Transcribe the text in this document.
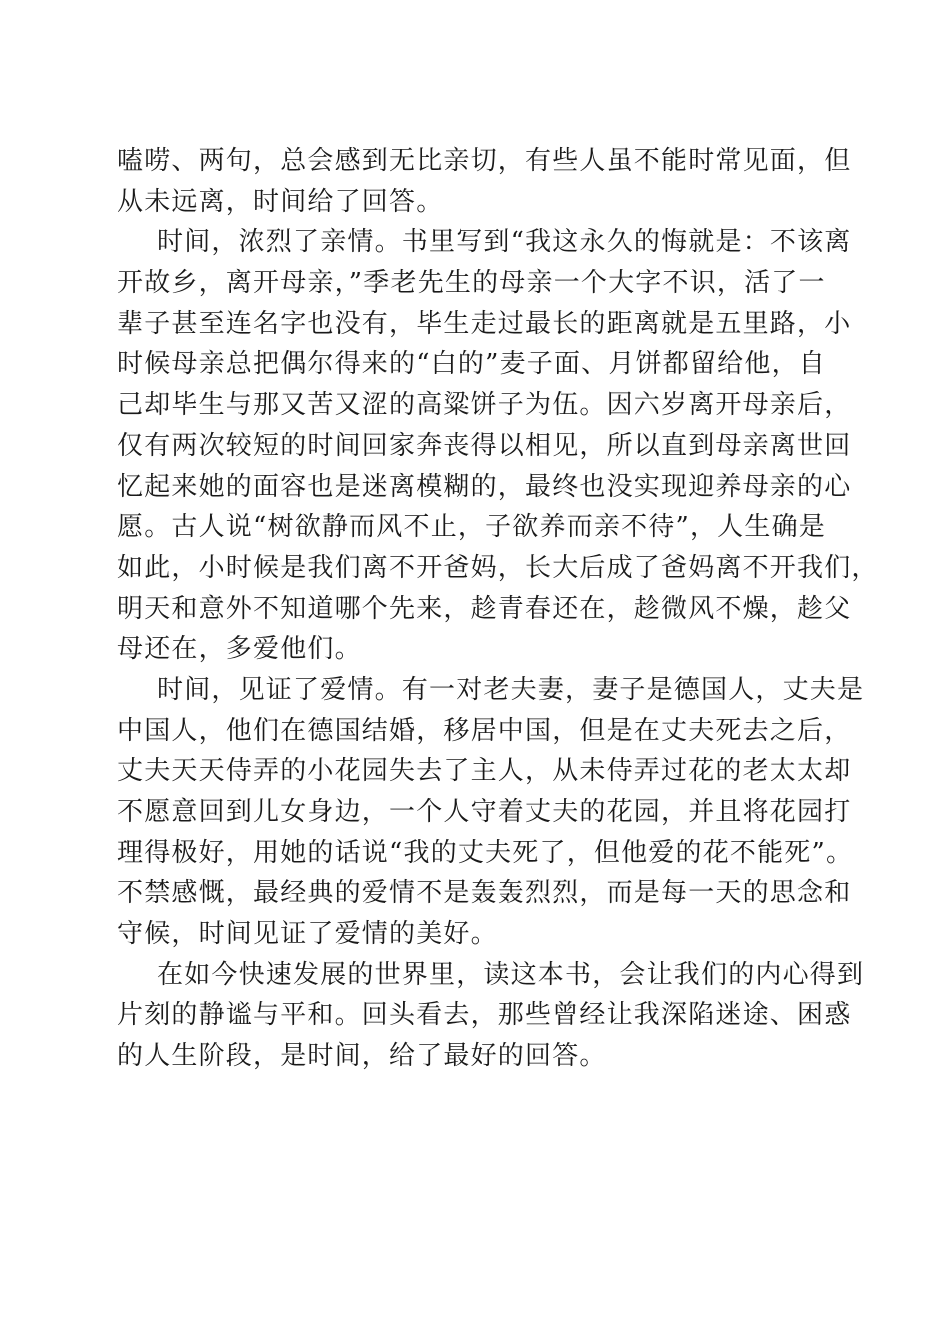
嗑唠、两句，总会感到无比亲切，有些人虽不能时常见面，但
从未远离，时间给了回答。
时间，浓烈了亲情。书里写到“我这永久的悔就是：不该离
开故乡，离开母亲，”季老先生的母亲一个大字不识，活了一
辈子甚至连名字也没有，毕生走过最长的距离就是五里路，小
时候母亲总把偶尔得来的“白的”麦子面、月饼都留给他，自
己却毕生与那又苦又涩的高粱饼子为伍。因六岁离开母亲后，
仅有两次较短的时间回家奔丧得以相见，所以直到母亲离世回
忆起来她的面容也是迷离模糊的，最终也没实现迎养母亲的心
愿。古人说“树欲静而风不止，子欲养而亲不待”，人生确是
如此，小时候是我们离不开爸妈，长大后成了爸妈离不开我们，
明天和意外不知道哪个先来，趁青春还在，趁微风不燥，趁父
母还在，多爱他们。
时间，见证了爱情。有一对老夫妻，妻子是德国人，丈夫是
中国人，他们在德国结婚，移居中国，但是在丈夫死去之后，
丈夫天天侍弄的小花园失去了主人，从未侍弄过花的老太太却
不愿意回到儿女身边，一个人守着丈夫的花园，并且将花园打
理得极好，用她的话说“我的丈夫死了，但他爱的花不能死”。
不禁感慨，最经典的爱情不是轰轰烈烈，而是每一天的思念和
守候，时间见证了爱情的美好。
在如今快速发展的世界里，读这本书，会让我们的内心得到
片刻的静谧与平和。回头看去，那些曾经让我深陷迷途、困惑
的人生阶段，是时间，给了最好的回答。
